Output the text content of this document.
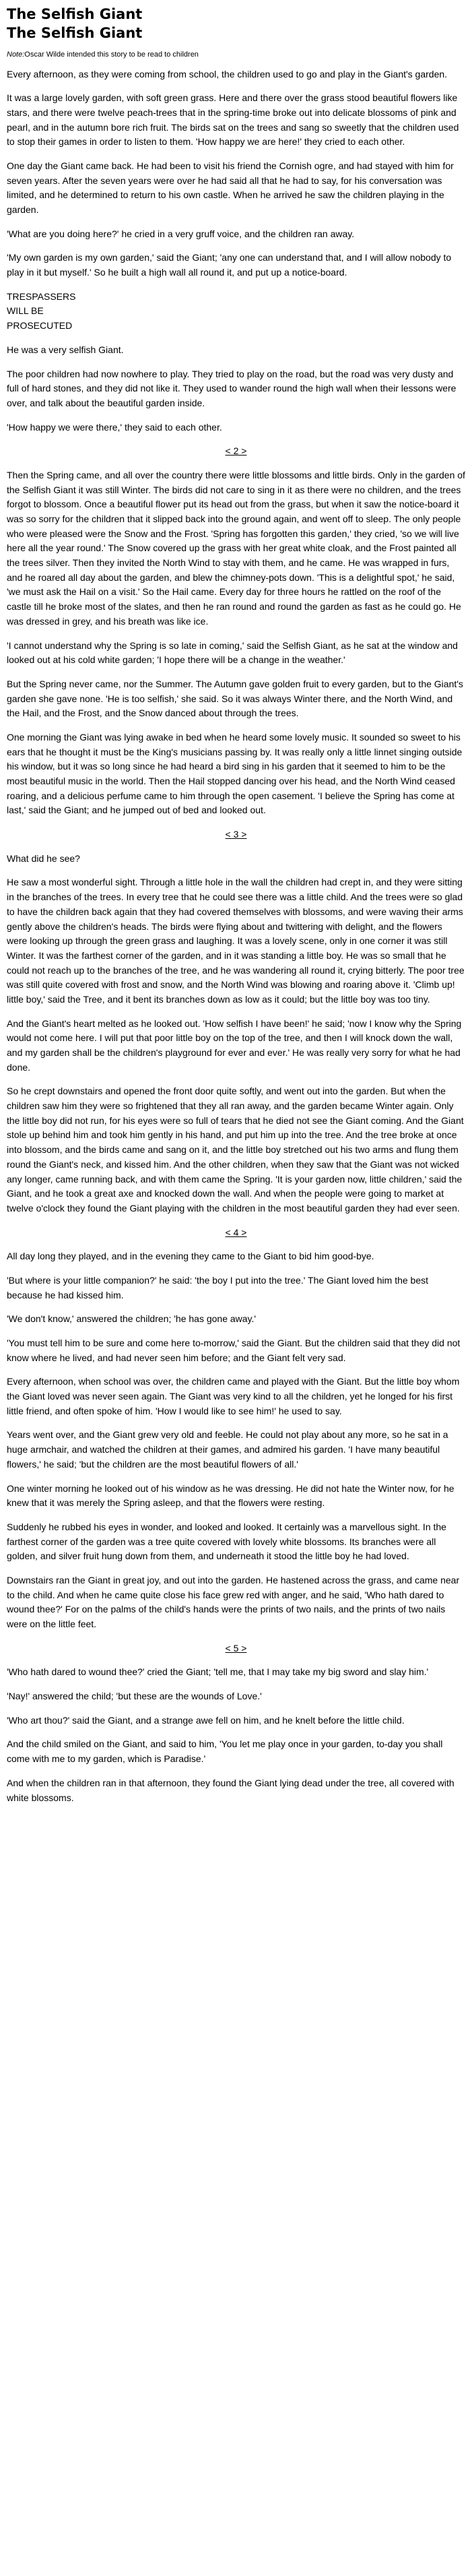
The Selfish Giant
The Selfish Giant
Note:Oscar Wilde intended this story to be read to children

Every afternoon, as they were coming from school, the children used to go and play in the Giant's garden.

It was a large lovely garden, with soft green grass. Here and there over the grass stood beautiful flowers like stars, and there were twelve peach-trees that in the spring-time broke out into delicate blossoms of pink and pearl, and in the autumn bore rich fruit. The birds sat on the trees and sang so sweetly that the children used to stop their games in order to listen to them. 'How happy we are here!' they cried to each other.

One day the Giant came back. He had been to visit his friend the Cornish ogre, and had stayed with him for seven years. After the seven years were over he had said all that he had to say, for his conversation was limited, and he determined to return to his own castle. When he arrived he saw the children playing in the garden.

'What are you doing here?' he cried in a very gruff voice, and the children ran away.

'My own garden is my own garden,' said the Giant; 'any one can understand that, and I will allow nobody to play in it but myself.' So he built a high wall all round it, and put up a notice-board.

TRESPASSERS
WILL BE
PROSECUTED

He was a very selfish Giant.

The poor children had now nowhere to play. They tried to play on the road, but the road was very dusty and full of hard stones, and they did not like it. They used to wander round the high wall when their lessons were over, and talk about the beautiful garden inside.

'How happy we were there,' they said to each other.

< 2 >

Then the Spring came, and all over the country there were little blossoms and little birds. Only in the garden of the Selfish Giant it was still Winter. The birds did not care to sing in it as there were no children, and the trees forgot to blossom. Once a beautiful flower put its head out from the grass, but when it saw the notice-board it was so sorry for the children that it slipped back into the ground again, and went off to sleep. The only people who were pleased were the Snow and the Frost. 'Spring has forgotten this garden,' they cried, 'so we will live here all the year round.' The Snow covered up the grass with her great white cloak, and the Frost painted all the trees silver. Then they invited the North Wind to stay with them, and he came. He was wrapped in furs, and he roared all day about the garden, and blew the chimney-pots down. 'This is a delightful spot,' he said, 'we must ask the Hail on a visit.' So the Hail came. Every day for three hours he rattled on the roof of the castle till he broke most of the slates, and then he ran round and round the garden as fast as he could go. He was dressed in grey, and his breath was like ice.

'I cannot understand why the Spring is so late in coming,' said the Selfish Giant, as he sat at the window and looked out at his cold white garden; 'I hope there will be a change in the weather.'

But the Spring never came, nor the Summer. The Autumn gave golden fruit to every garden, but to the Giant's garden she gave none. 'He is too selfish,' she said. So it was always Winter there, and the North Wind, and the Hail, and the Frost, and the Snow danced about through the trees.

One morning the Giant was lying awake in bed when he heard some lovely music. It sounded so sweet to his ears that he thought it must be the King's musicians passing by. It was really only a little linnet singing outside his window, but it was so long since he had heard a bird sing in his garden that it seemed to him to be the most beautiful music in the world. Then the Hail stopped dancing over his head, and the North Wind ceased roaring, and a delicious perfume came to him through the open casement. 'I believe the Spring has come at last,' said the Giant; and he jumped out of bed and looked out.

< 3 >

What did he see?

He saw a most wonderful sight. Through a little hole in the wall the children had crept in, and they were sitting in the branches of the trees. In every tree that he could see there was a little child. And the trees were so glad to have the children back again that they had covered themselves with blossoms, and were waving their arms gently above the children's heads. The birds were flying about and twittering with delight, and the flowers were looking up through the green grass and laughing. It was a lovely scene, only in one corner it was still Winter. It was the farthest corner of the garden, and in it was standing a little boy. He was so small that he could not reach up to the branches of the tree, and he was wandering all round it, crying bitterly. The poor tree was still quite covered with frost and snow, and the North Wind was blowing and roaring above it. 'Climb up! little boy,' said the Tree, and it bent its branches down as low as it could; but the little boy was too tiny.

And the Giant's heart melted as he looked out. 'How selfish I have been!' he said; 'now I know why the Spring would not come here. I will put that poor little boy on the top of the tree, and then I will knock down the wall, and my garden shall be the children's playground for ever and ever.' He was really very sorry for what he had done.

So he crept downstairs and opened the front door quite softly, and went out into the garden. But when the children saw him they were so frightened that they all ran away, and the garden became Winter again. Only the little boy did not run, for his eyes were so full of tears that he died not see the Giant coming. And the Giant stole up behind him and took him gently in his hand, and put him up into the tree. And the tree broke at once into blossom, and the birds came and sang on it, and the little boy stretched out his two arms and flung them round the Giant's neck, and kissed him. And the other children, when they saw that the Giant was not wicked any longer, came running back, and with them came the Spring. 'It is your garden now, little children,' said the Giant, and he took a great axe and knocked down the wall. And when the people were going to market at twelve o'clock they found the Giant playing with the children in the most beautiful garden they had ever seen.

< 4 >

All day long they played, and in the evening they came to the Giant to bid him good-bye.

'But where is your little companion?' he said: 'the boy I put into the tree.' The Giant loved him the best because he had kissed him.

'We don't know,' answered the children; 'he has gone away.'

'You must tell him to be sure and come here to-morrow,' said the Giant. But the children said that they did not know where he lived, and had never seen him before; and the Giant felt very sad.

Every afternoon, when school was over, the children came and played with the Giant. But the little boy whom the Giant loved was never seen again. The Giant was very kind to all the children, yet he longed for his first little friend, and often spoke of him. 'How I would like to see him!' he used to say.

Years went over, and the Giant grew very old and feeble. He could not play about any more, so he sat in a huge armchair, and watched the children at their games, and admired his garden. 'I have many beautiful flowers,' he said; 'but the children are the most beautiful flowers of all.'

One winter morning he looked out of his window as he was dressing. He did not hate the Winter now, for he knew that it was merely the Spring asleep, and that the flowers were resting.

Suddenly he rubbed his eyes in wonder, and looked and looked. It certainly was a marvellous sight. In the farthest corner of the garden was a tree quite covered with lovely white blossoms. Its branches were all golden, and silver fruit hung down from them, and underneath it stood the little boy he had loved.

Downstairs ran the Giant in great joy, and out into the garden. He hastened across the grass, and came near to the child. And when he came quite close his face grew red with anger, and he said, 'Who hath dared to wound thee?' For on the palms of the child's hands were the prints of two nails, and the prints of two nails were on the little feet.

< 5 >

'Who hath dared to wound thee?' cried the Giant; 'tell me, that I may take my big sword and slay him.'

'Nay!' answered the child; 'but these are the wounds of Love.'

'Who art thou?' said the Giant, and a strange awe fell on him, and he knelt before the little child.

And the child smiled on the Giant, and said to him, 'You let me play once in your garden, to-day you shall come with me to my garden, which is Paradise.'

And when the children ran in that afternoon, they found the Giant lying dead under the tree, all covered with white blossoms.
